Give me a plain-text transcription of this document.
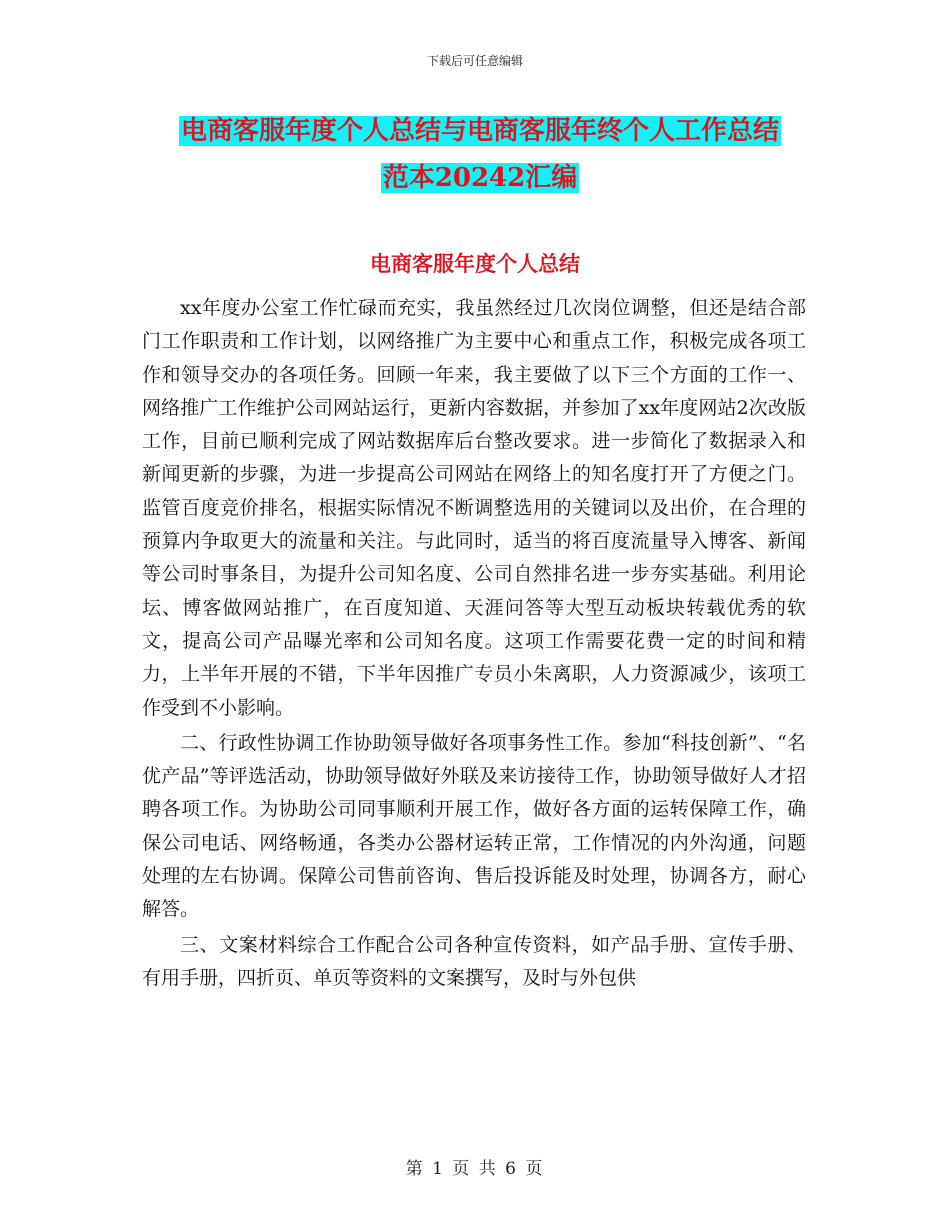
下载后可任意编辑
电商客服年度个人总结与电商客服年终个人工作总结
范本20242汇编
电商客服年度个人总结

xx年度办公室工作忙碌而充实，我虽然经过几次岗位调整，但还是结合部门工作职责和工作计划，以网络推广为主要中心和重点工作，积极完成各项工作和领导交办的各项任务。回顾一年来，我主要做了以下三个方面的工作一、网络推广工作维护公司网站运行，更新内容数据，并参加了xx年度网站2次改版工作，目前已顺利完成了网站数据库后台整改要求。进一步简化了数据录入和新闻更新的步骤，为进一步提高公司网站在网络上的知名度打开了方便之门。监管百度竞价排名，根据实际情况不断调整选用的关键词以及出价，在合理的预算内争取更大的流量和关注。与此同时，适当的将百度流量导入博客、新闻等公司时事条目，为提升公司知名度、公司自然排名进一步夯实基础。利用论坛、博客做网站推广，在百度知道、天涯问答等大型互动板块转载优秀的软文，提高公司产品曝光率和公司知名度。这项工作需要花费一定的时间和精力，上半年开展的不错，下半年因推广专员小朱离职，人力资源减少，该项工作受到不小影响。

二、行政性协调工作协助领导做好各项事务性工作。参加“科技创新”、“名优产品”等评选活动，协助领导做好外联及来访接待工作，协助领导做好人才招聘各项工作。为协助公司同事顺利开展工作，做好各方面的运转保障工作，确保公司电话、网络畅通，各类办公器材运转正常，工作情况的内外沟通，问题处理的左右协调。保障公司售前咨询、售后投诉能及时处理，协调各方，耐心解答。

三、文案材料综合工作配合公司各种宣传资料，如产品手册、宣传手册、有用手册，四折页、单页等资料的文案撰写，及时与外包供

第 1 页 共 6 页
